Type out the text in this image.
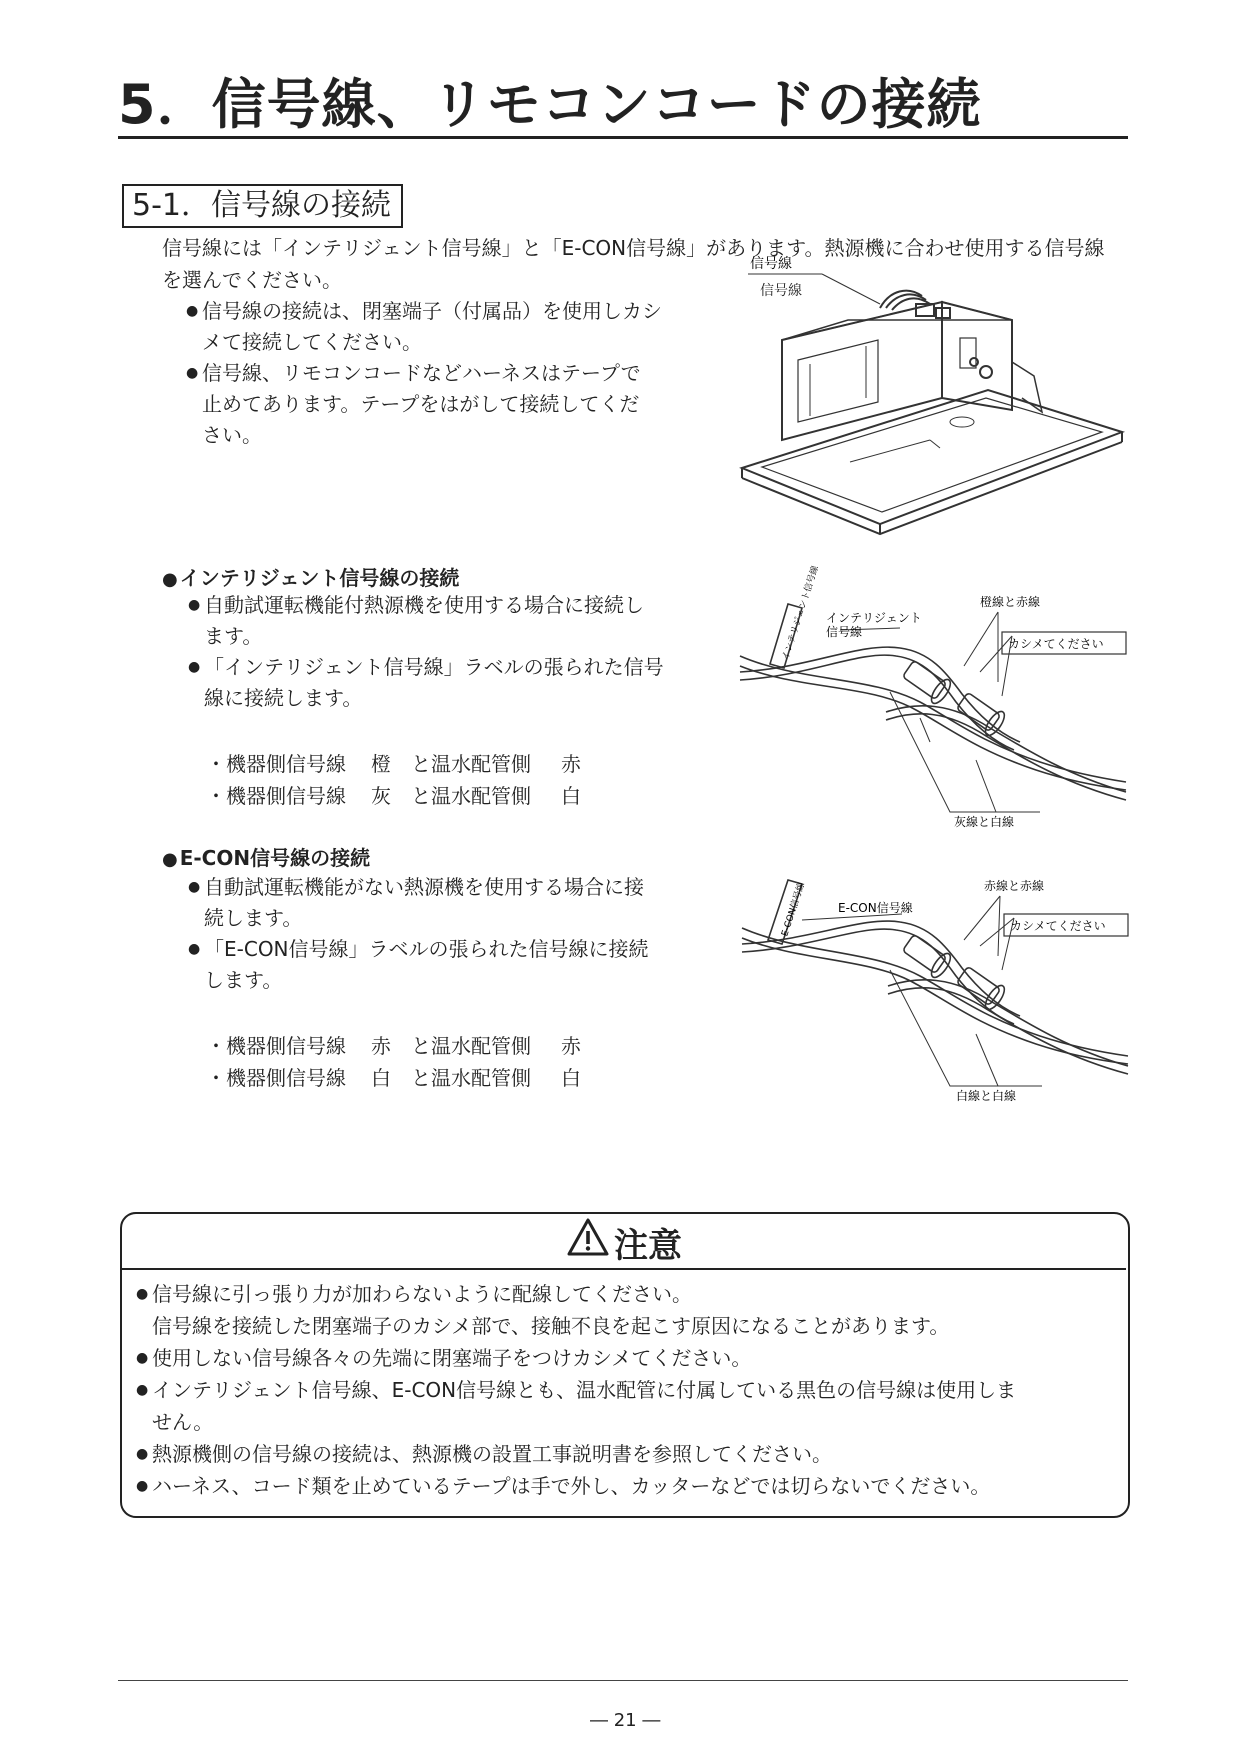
5．信号線、リモコンコードの接続
5-1．信号線の接続
信号線には「インテリジェント信号線」と「E-CON信号線」があります。熱源機に合わせ使用する信号線
を選んでください。
● 信号線の接続は、閉塞端子（付属品）を使用しカシ
メて接続してください。
● 信号線、リモコンコードなどハーネスはテープで
止めてあります。テープをはがして接続してくだ
さい。
信号線
信号線
● インテリジェント信号線の接続
● 自動試運転機能付熱源機を使用する場合に接続し
ます。
● 「インテリジェント信号線」ラベルの張られた信号
線に接続します。
・機器側信号線 橙 と温水配管側 赤
・機器側信号線 灰 と温水配管側 白
インテリジェント信号線 インテリジェント
信号線
橙線と赤線
カシメてください
灰線と白線
● E-CON信号線の接続
● 自動試運転機能がない熱源機を使用する場合に接
続します。
● 「E-CON信号線」ラベルの張られた信号線に接続
します。
・機器側信号線 赤 と温水配管側 赤
・機器側信号線 白 と温水配管側 白
E-CON信号線	E-CON信号線
赤線と赤線
カシメてください
白線と白線
注意
● 信号線に引っ張り力が加わらないように配線してください。
信号線を接続した閉塞端子のカシメ部で、接触不良を起こす原因になることがあります。
● 使用しない信号線各々の先端に閉塞端子をつけカシメてください。
● インテリジェント信号線、E-CON信号線とも、温水配管に付属している黒色の信号線は使用しま
せん。
● 熱源機側の信号線の接続は、熱源機の設置工事説明書を参照してください。
● ハーネス、コード類を止めているテープは手で外し、カッターなどでは切らないでください。
― 21 ―
